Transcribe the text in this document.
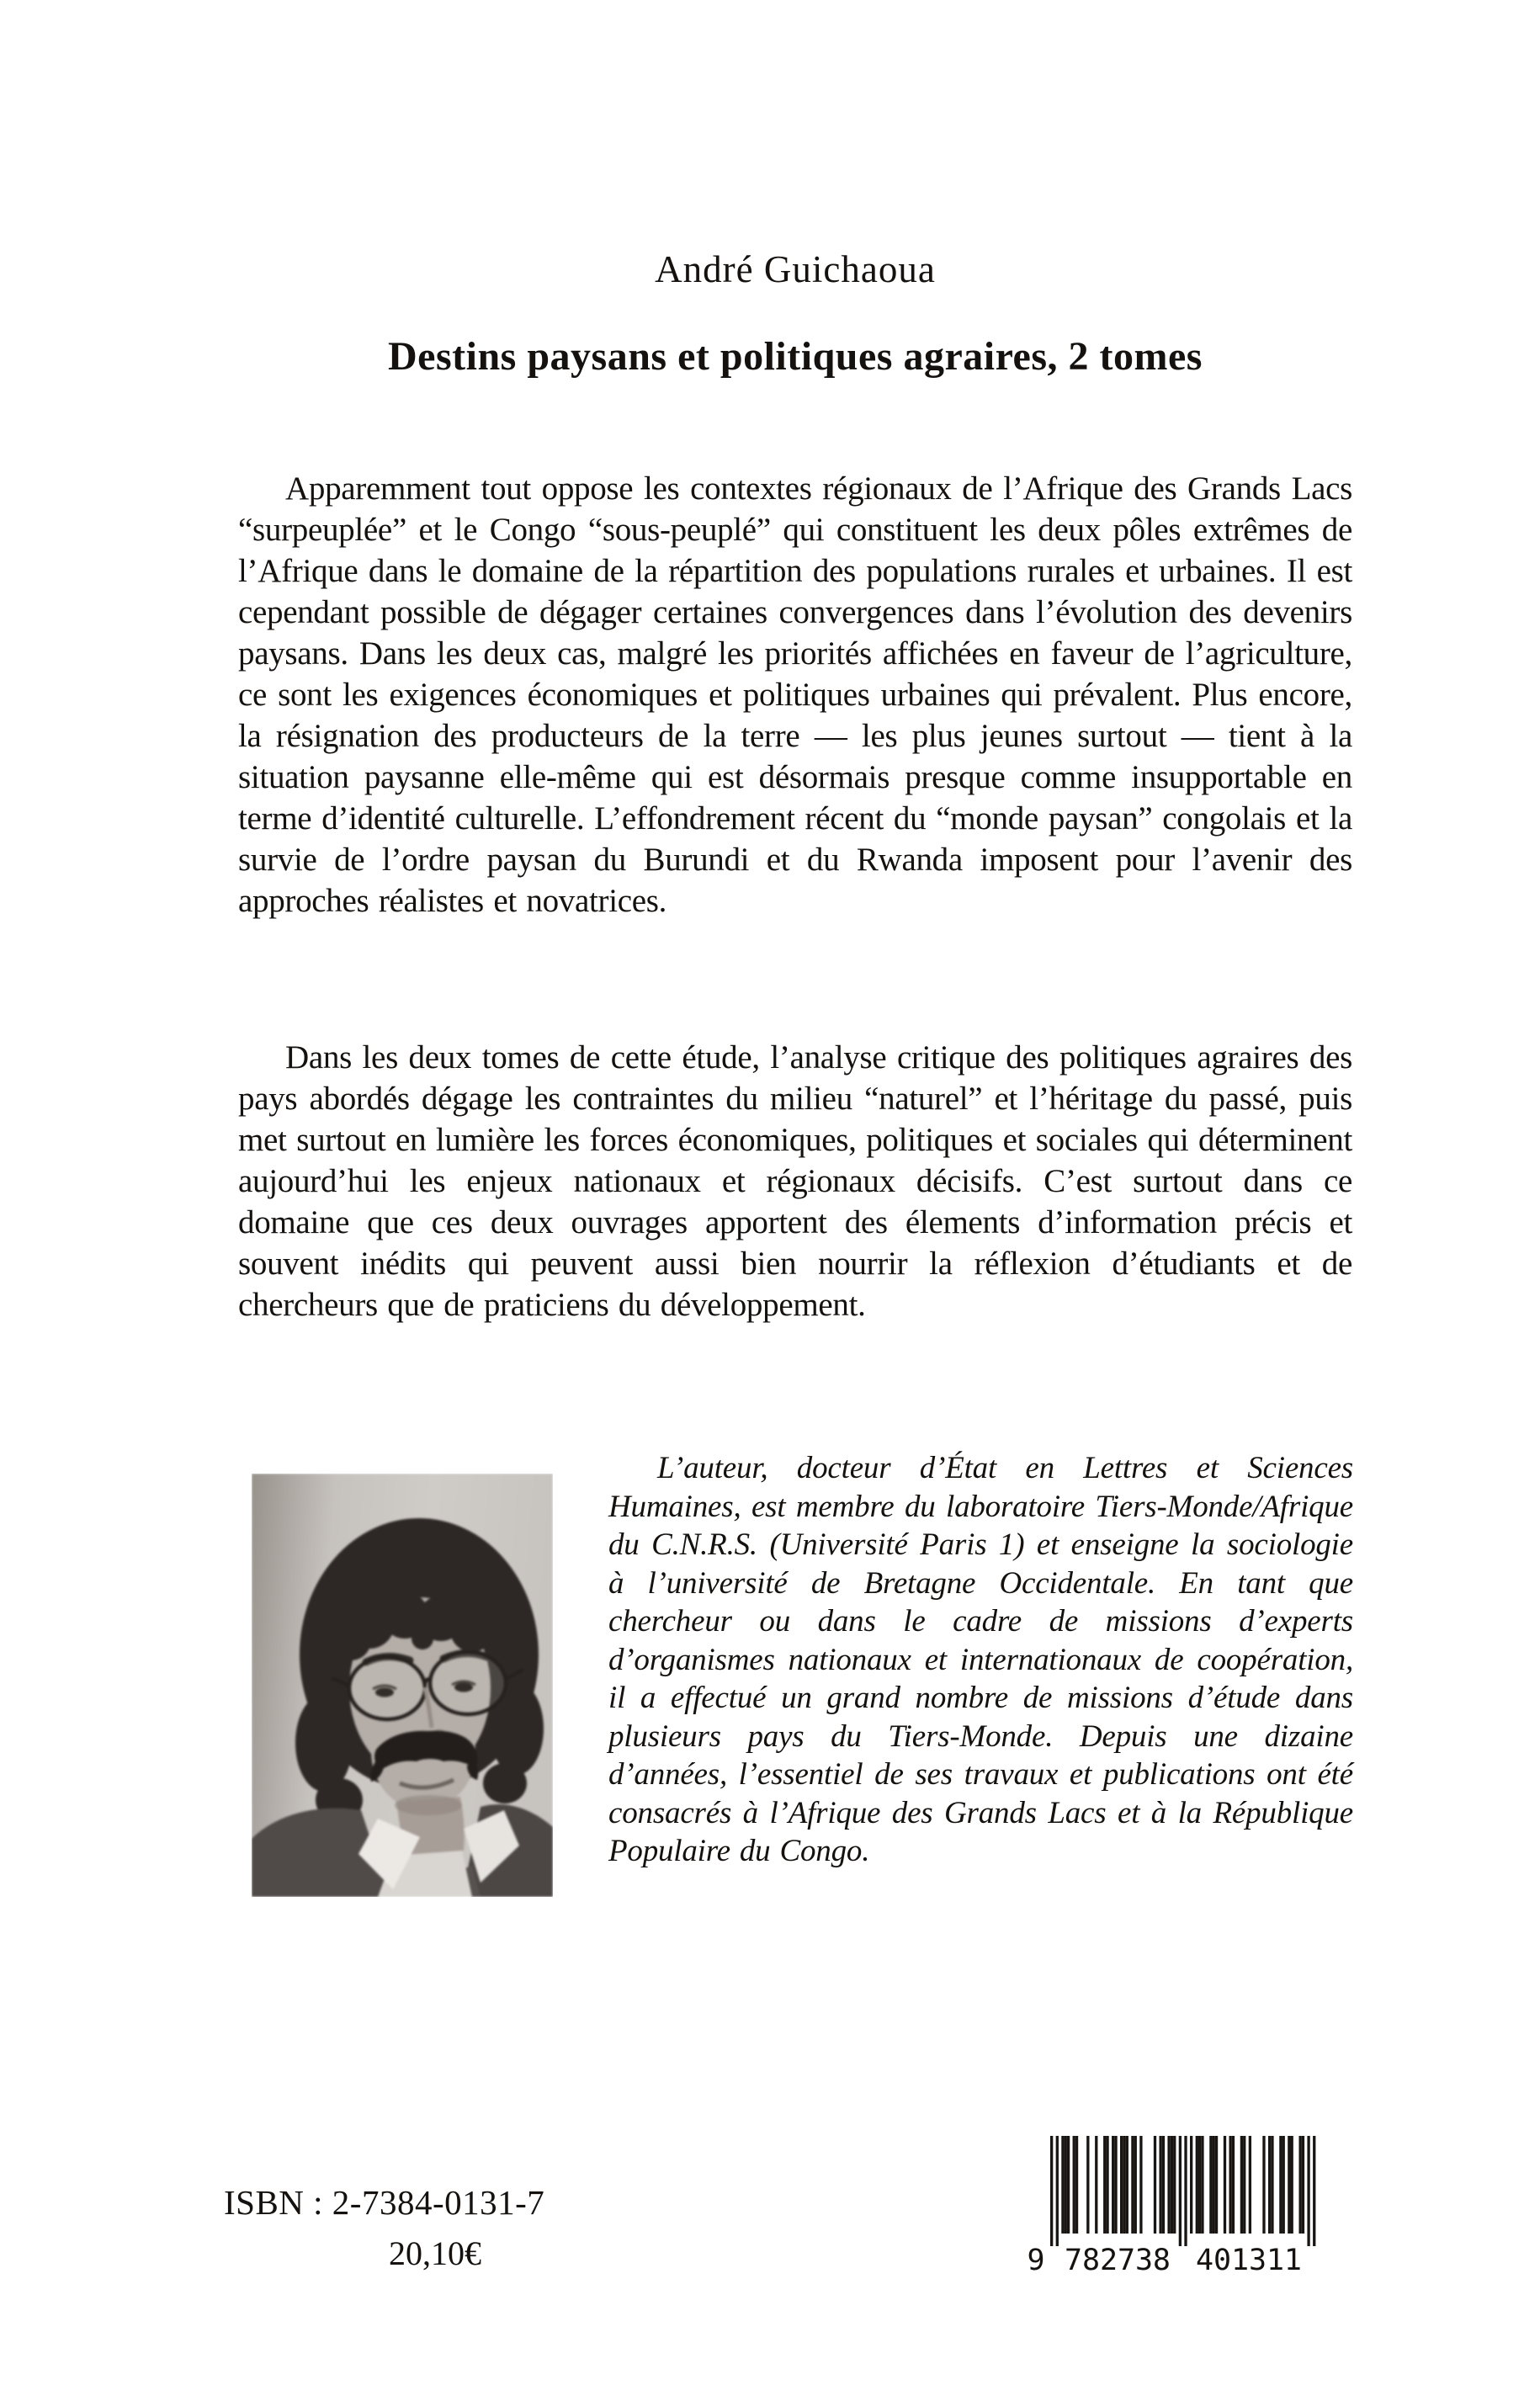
André Guichaoua
Destins paysans et politiques agraires, 2 tomes

Apparemment tout oppose les contextes régionaux de l’Afrique des Grands Lacs “surpeuplée” et le Congo “sous-peuplé” qui constituent les deux pôles extrêmes de l’Afrique dans le domaine de la répartition des populations rurales et urbaines. Il est cependant possible de dégager certaines convergences dans l’évolution des devenirs paysans. Dans les deux cas, malgré les priorités affichées en faveur de l’agriculture, ce sont les exigences économiques et politiques urbaines qui prévalent. Plus encore, la résignation des producteurs de la terre — les plus jeunes surtout — tient à la situation paysanne elle-même qui est désormais presque comme insupportable en terme d’identité culturelle. L’effondrement récent du “monde paysan” congolais et la survie de l’ordre paysan du Burundi et du Rwanda imposent pour l’avenir des approches réalistes et novatrices.

Dans les deux tomes de cette étude, l’analyse critique des politiques agraires des pays abordés dégage les contraintes du milieu “naturel” et l’héritage du passé, puis met surtout en lumière les forces économiques, politiques et sociales qui déterminent aujourd’hui les enjeux nationaux et régionaux décisifs. C’est surtout dans ce domaine que ces deux ouvrages apportent des élements d’information précis et souvent inédits qui peuvent aussi bien nourrir la réflexion d’étudiants et de chercheurs que de praticiens du développement.

L’auteur, docteur d’État en Lettres et Sciences Humaines, est membre du laboratoire Tiers-Monde/Afrique du C.N.R.S. (Université Paris 1) et enseigne la sociologie à l’université de Bretagne Occidentale. En tant que chercheur ou dans le cadre de missions d’experts d’organismes nationaux et internationaux de coopération, il a effectué un grand nombre de missions d’étude dans plusieurs pays du Tiers-Monde. Depuis une dizaine d’années, l’essentiel de ses travaux et publications ont été consacrés à l’Afrique des Grands Lacs et à la République Populaire du Congo.

ISBN : 2-7384-0131-7
20,10€	9 782738 401311
